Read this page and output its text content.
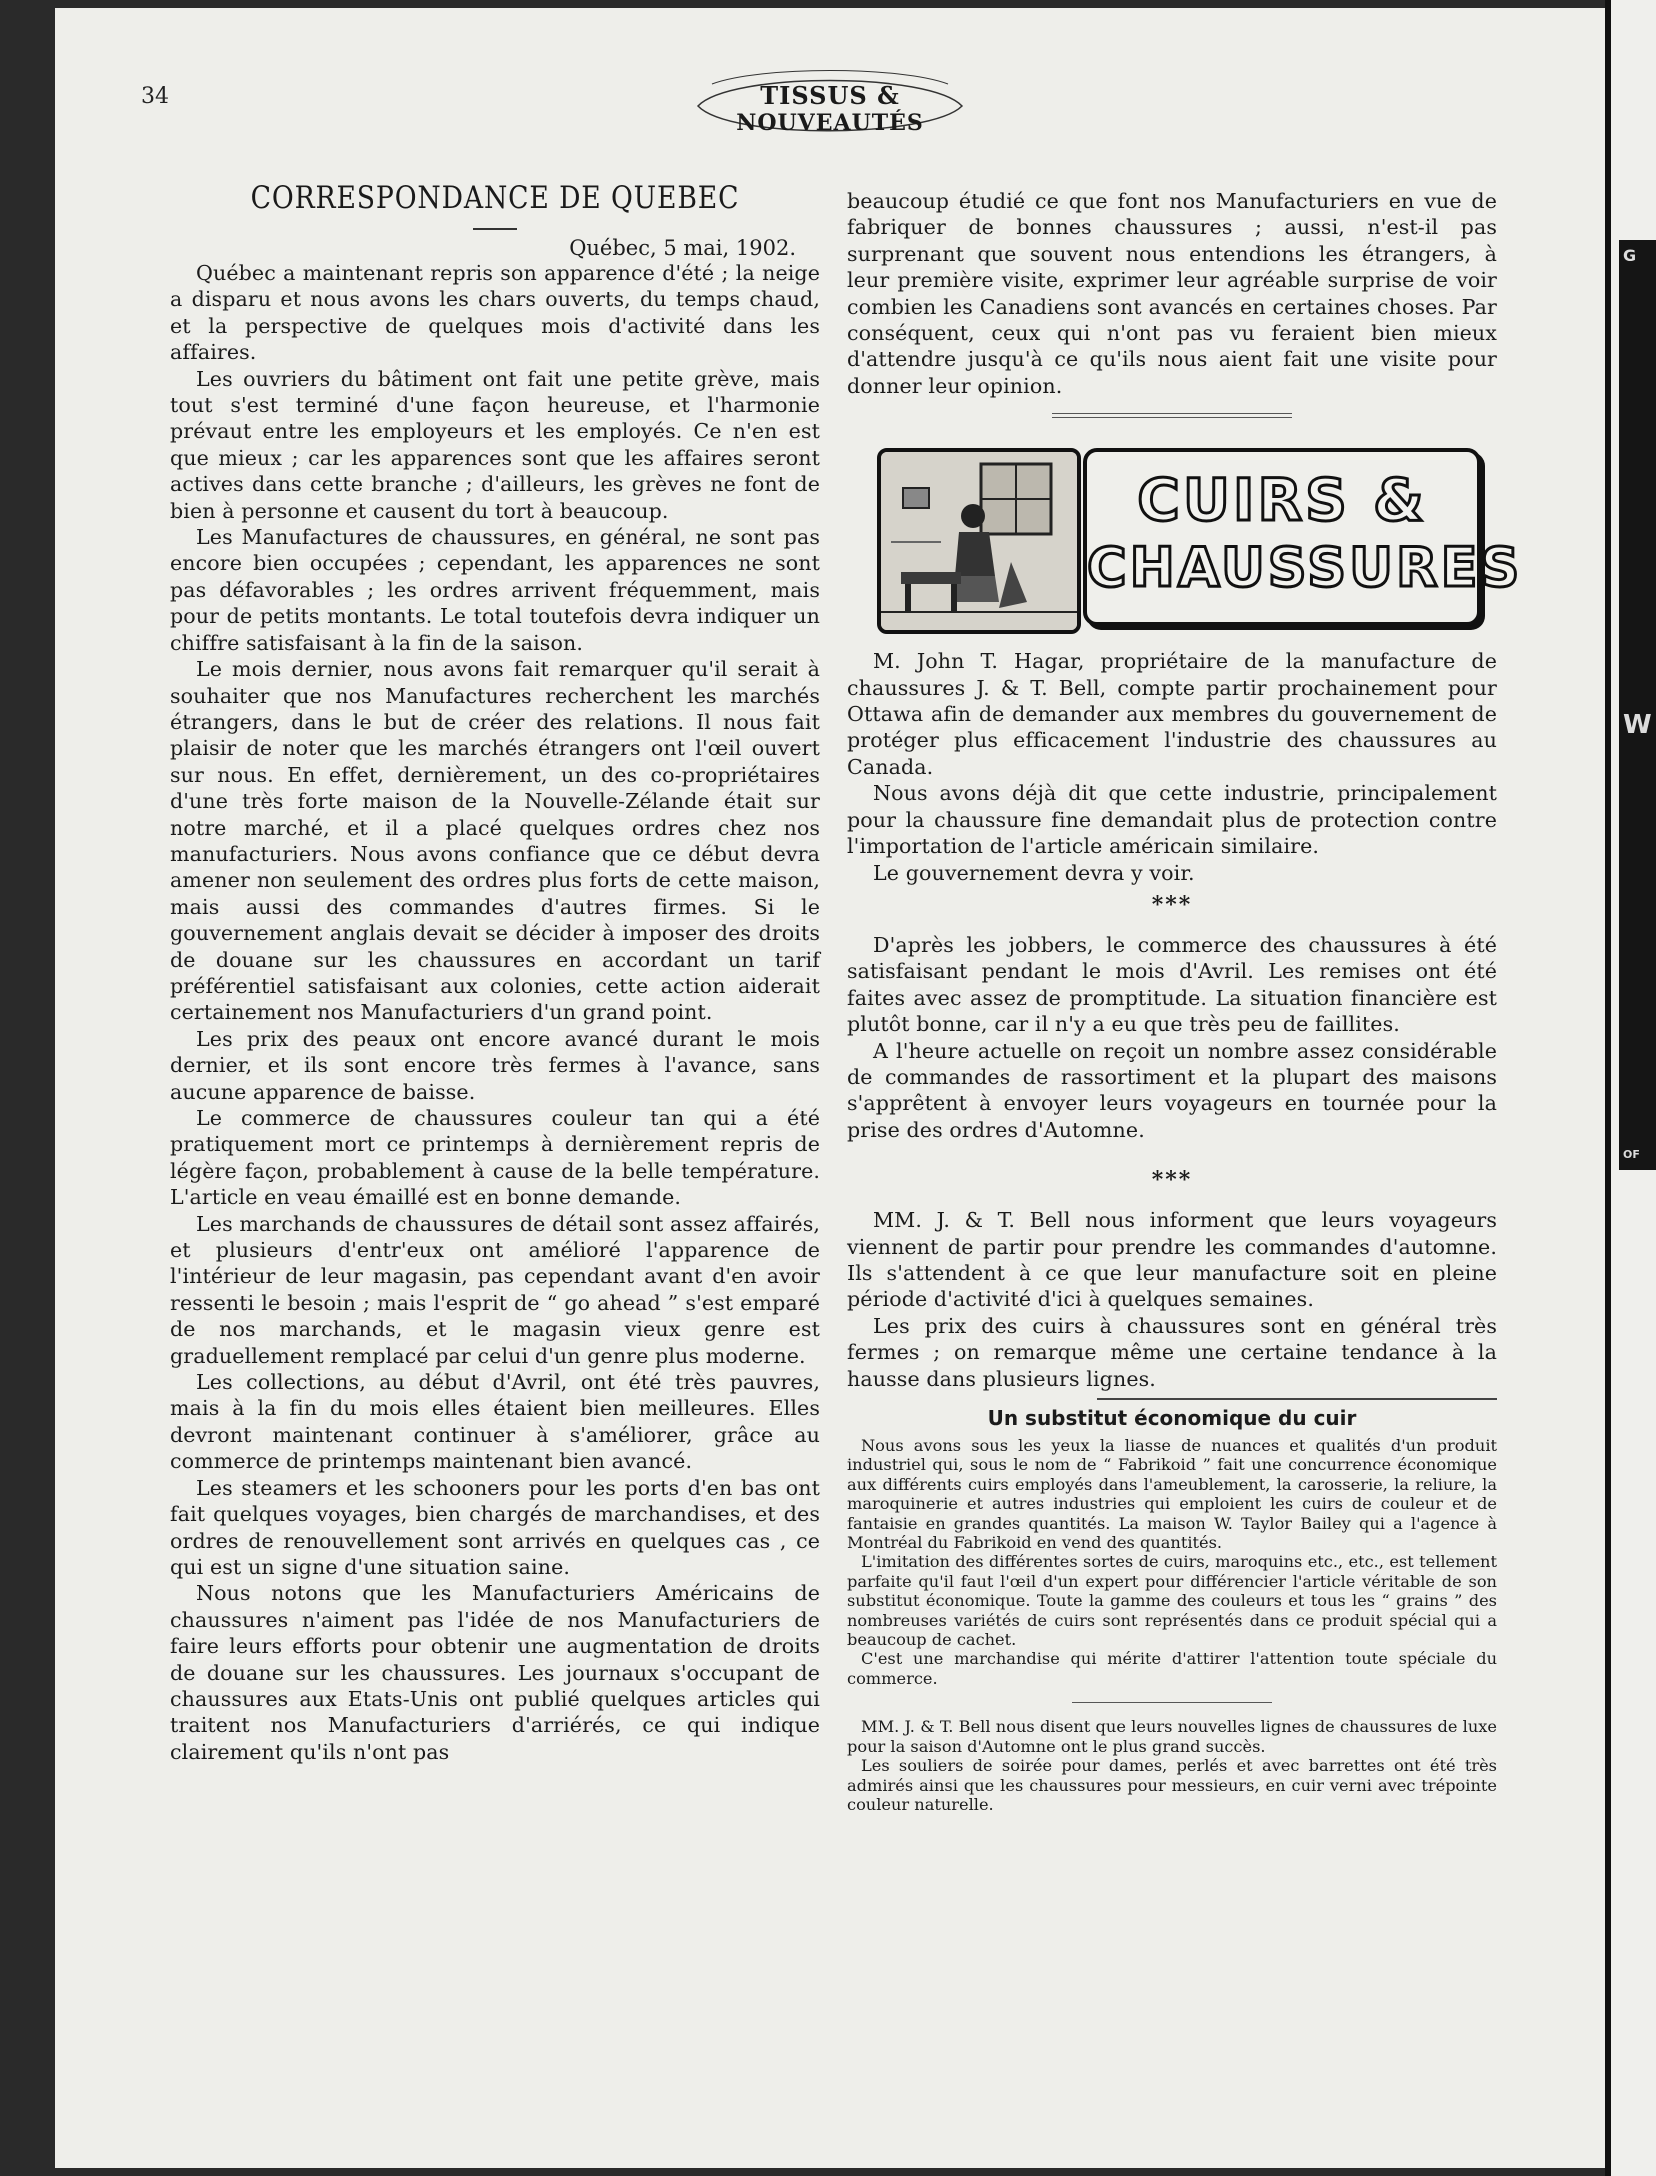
G
W
OF
34	TISSUS &
NOUVEAUTÉS
CORRESPONDANCE DE QUEBEC
Québec, 5 mai, 1902.

Québec a maintenant repris son apparence d'été ; la neige a disparu et nous avons les chars ouverts, du temps chaud, et la perspective de quelques mois d'activité dans les affaires.

Les ouvriers du bâtiment ont fait une petite grève, mais tout s'est terminé d'une façon heureuse, et l'harmonie prévaut entre les employeurs et les employés. Ce n'en est que mieux ; car les apparences sont que les affaires seront actives dans cette branche ; d'ailleurs, les grèves ne font de bien à personne et causent du tort à beaucoup.

Les Manufactures de chaussures, en général, ne sont pas encore bien occupées ; cependant, les apparences ne sont pas défavorables ; les ordres arrivent fréquemment, mais pour de petits montants. Le total toutefois devra indiquer un chiffre satisfaisant à la fin de la saison.

Le mois dernier, nous avons fait remarquer qu'il serait à souhaiter que nos Manufactures recherchent les marchés étrangers, dans le but de créer des relations. Il nous fait plaisir de noter que les marchés étrangers ont l'œil ouvert sur nous. En effet, dernièrement, un des co-propriétaires d'une très forte maison de la Nouvelle-Zélande était sur notre marché, et il a placé quelques ordres chez nos manufacturiers. Nous avons confiance que ce début devra amener non seulement des ordres plus forts de cette maison, mais aussi des commandes d'autres firmes. Si le gouvernement anglais devait se décider à imposer des droits de douane sur les chaussures en accordant un tarif préférentiel satisfaisant aux colonies, cette action aiderait certainement nos Manufacturiers d'un grand point.

Les prix des peaux ont encore avancé durant le mois dernier, et ils sont encore très fermes à l'avance, sans aucune apparence de baisse.

Le commerce de chaussures couleur tan qui a été pratiquement mort ce printemps à dernièrement repris de légère façon, probablement à cause de la belle température. L'article en veau émaillé est en bonne demande.

Les marchands de chaussures de détail sont assez affairés, et plusieurs d'entr'eux ont amélioré l'apparence de l'intérieur de leur magasin, pas cependant avant d'en avoir ressenti le besoin ; mais l'esprit de “ go ahead ” s'est emparé de nos marchands, et le magasin vieux genre est graduellement remplacé par celui d'un genre plus moderne.

Les collections, au début d'Avril, ont été très pauvres, mais à la fin du mois elles étaient bien meilleures. Elles devront maintenant continuer à s'améliorer, grâce au commerce de printemps maintenant bien avancé.

Les steamers et les schooners pour les ports d'en bas ont fait quelques voyages, bien chargés de marchandises, et des ordres de renouvellement sont arrivés en quelques cas , ce qui est un signe d'une situation saine.

Nous notons que les Manufacturiers Américains de chaussures n'aiment pas l'idée de nos Manufacturiers de faire leurs efforts pour obtenir une augmentation de droits de douane sur les chaussures. Les journaux s'occupant de chaussures aux Etats-Unis ont publié quelques articles qui traitent nos Manufacturiers d'arriérés, ce qui indique clairement qu'ils n'ont pas

beaucoup étudié ce que font nos Manufacturiers en vue de fabriquer de bonnes chaussures ; aussi, n'est-il pas surprenant que souvent nous entendions les étrangers, à leur première visite, exprimer leur agréable surprise de voir combien les Canadiens sont avancés en certaines choses. Par conséquent, ceux qui n'ont pas vu feraient bien mieux d'attendre jusqu'à ce qu'ils nous aient fait une visite pour donner leur opinion.

CUIRS &
CHAUSSURES

M. John T. Hagar, propriétaire de la manufacture de chaussures J. & T. Bell, compte partir prochainement pour Ottawa afin de demander aux membres du gouvernement de protéger plus efficacement l'industrie des chaussures au Canada.

Nous avons déjà dit que cette industrie, principalement pour la chaussure fine demandait plus de protection contre l'importation de l'article américain similaire.

Le gouvernement devra y voir.

***

D'après les jobbers, le commerce des chaussures à été satisfaisant pendant le mois d'Avril. Les remises ont été faites avec assez de promptitude. La situation financière est plutôt bonne, car il n'y a eu que très peu de faillites.

A l'heure actuelle on reçoit un nombre assez considérable de commandes de rassortiment et la plupart des maisons s'apprêtent à envoyer leurs voyageurs en tournée pour la prise des ordres d'Automne.

***

MM. J. & T. Bell nous informent que leurs voyageurs viennent de partir pour prendre les commandes d'automne. Ils s'attendent à ce que leur manufacture soit en pleine période d'activité d'ici à quelques semaines.

Les prix des cuirs à chaussures sont en général très fermes ; on remarque même une certaine tendance à la hausse dans plusieurs lignes.

Un substitut économique du cuir

Nous avons sous les yeux la liasse de nuances et qualités d'un produit industriel qui, sous le nom de “ Fabrikoid ” fait une concurrence économique aux différents cuirs employés dans l'ameublement, la carosserie, la reliure, la maroquinerie et autres industries qui emploient les cuirs de couleur et de fantaisie en grandes quantités. La maison W. Taylor Bailey qui a l'agence à Montréal du Fabrikoid en vend des quantités.

L'imitation des différentes sortes de cuirs, maroquins etc., etc., est tellement parfaite qu'il faut l'œil d'un expert pour différencier l'article véritable de son substitut économique. Toute la gamme des couleurs et tous les “ grains ” des nombreuses variétés de cuirs sont représentés dans ce produit spécial qui a beaucoup de cachet.

C'est une marchandise qui mérite d'attirer l'attention toute spéciale du commerce.

MM. J. & T. Bell nous disent que leurs nouvelles lignes de chaussures de luxe pour la saison d'Automne ont le plus grand succès.

Les souliers de soirée pour dames, perlés et avec barrettes ont été très admirés ainsi que les chaussures pour messieurs, en cuir verni avec trépointe couleur naturelle.
